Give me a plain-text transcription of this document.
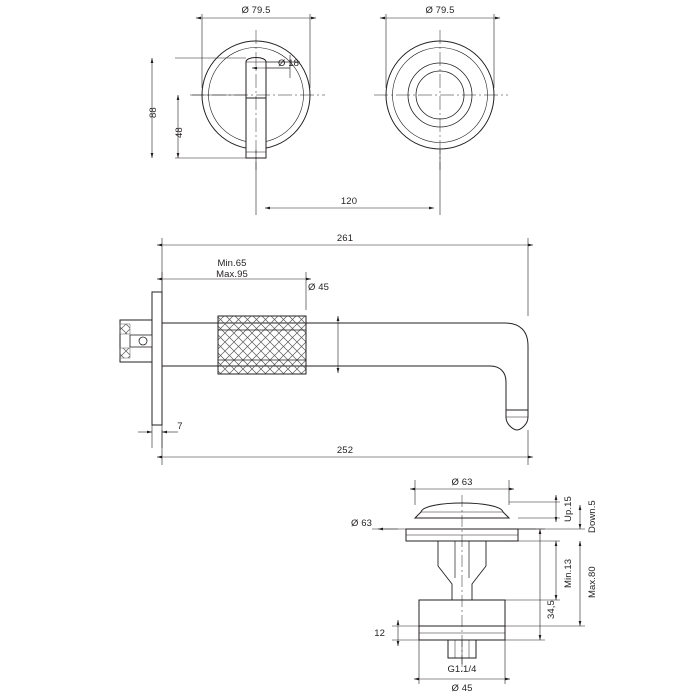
Ø 79.5	Ø 79.5
Ø 18
88
48
120
261
Min.65
Max.95
Ø 45
7
252
Ø 63
Ø 63
Up.15 Down.5
Min.13 Max.80
34,5
12
G1.1/4
Ø 45
